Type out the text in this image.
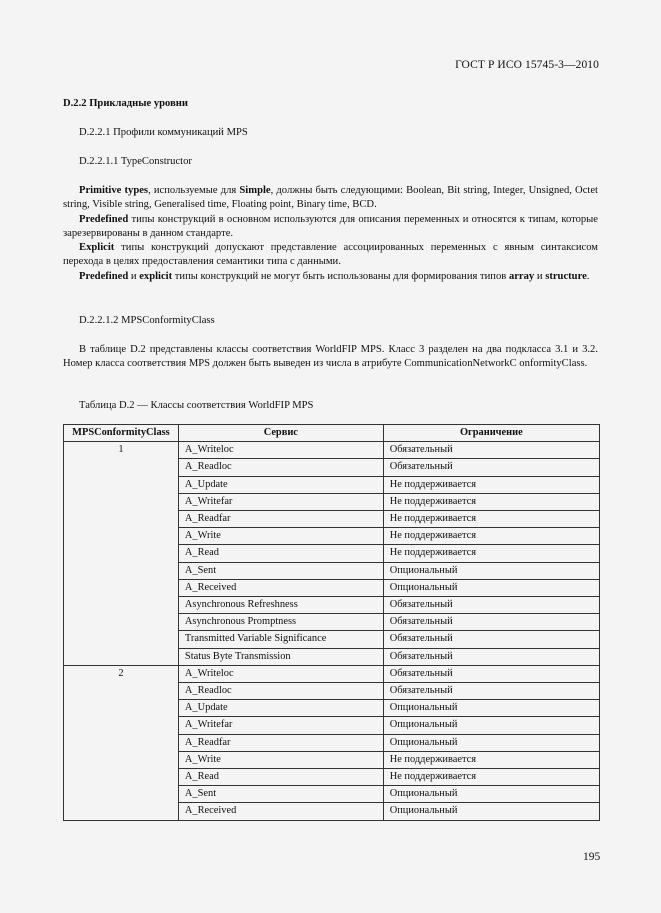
ГОСТ Р ИСО 15745-3—2010
D.2.2 Прикладные уровни
D.2.2.1 Профили коммуникаций MPS
D.2.2.1.1 TypeConstructor
Primitive types, используемые для Simple, должны быть следующими: Boolean, Bit string, Integer, Unsigned, Octet string, Visible string, Generalised time, Floating point, Binary time, BCD.
Predefined типы конструкций в основном используются для описания переменных и относятся к типам, которые зарезервированы в данном стандарте.
Explicit типы конструкций допускают представление ассоциированных переменных с явным синтаксисом перехода в целях предоставления семантики типа с данными.
Predefined и explicit типы конструкций не могут быть использованы для формирования типов array и structure.
D.2.2.1.2 MPSConformityClass
В таблице D.2 представлены классы соответствия WorldFIP MPS. Класс 3 разделен на два подкласса 3.1 и 3.2. Номер класса соответствия MPS должен быть выведен из числа в атрибуте CommunicationNetworkC onformityClass.
Таблица D.2 — Классы соответствия WorldFIP MPS
MPSConformityClass	Сервис	Ограничение
1	A_Writeloc	Обязательный
	A_Readloc	Обязательный
	A_Update	Не поддерживается
	A_Writefar	Не поддерживается
	A_Readfar	Не поддерживается
	A_Write	Не поддерживается
	A_Read	Не поддерживается
	A_Sent	Опциональный
	A_Received	Опциональный
	Asynchronous Refreshness	Обязательный
	Asynchronous Promptness	Обязательный
	Transmitted Variable Significance	Обязательный
	Status Byte Transmission	Обязательный
2	A_Writeloc	Обязательный
	A_Readloc	Обязательный
	A_Update	Опциональный
	A_Writefar	Опциональный
	A_Readfar	Опциональный
	A_Write	Не поддерживается
	A_Read	Не поддерживается
	A_Sent	Опциональный
	A_Received	Опциональный
195
